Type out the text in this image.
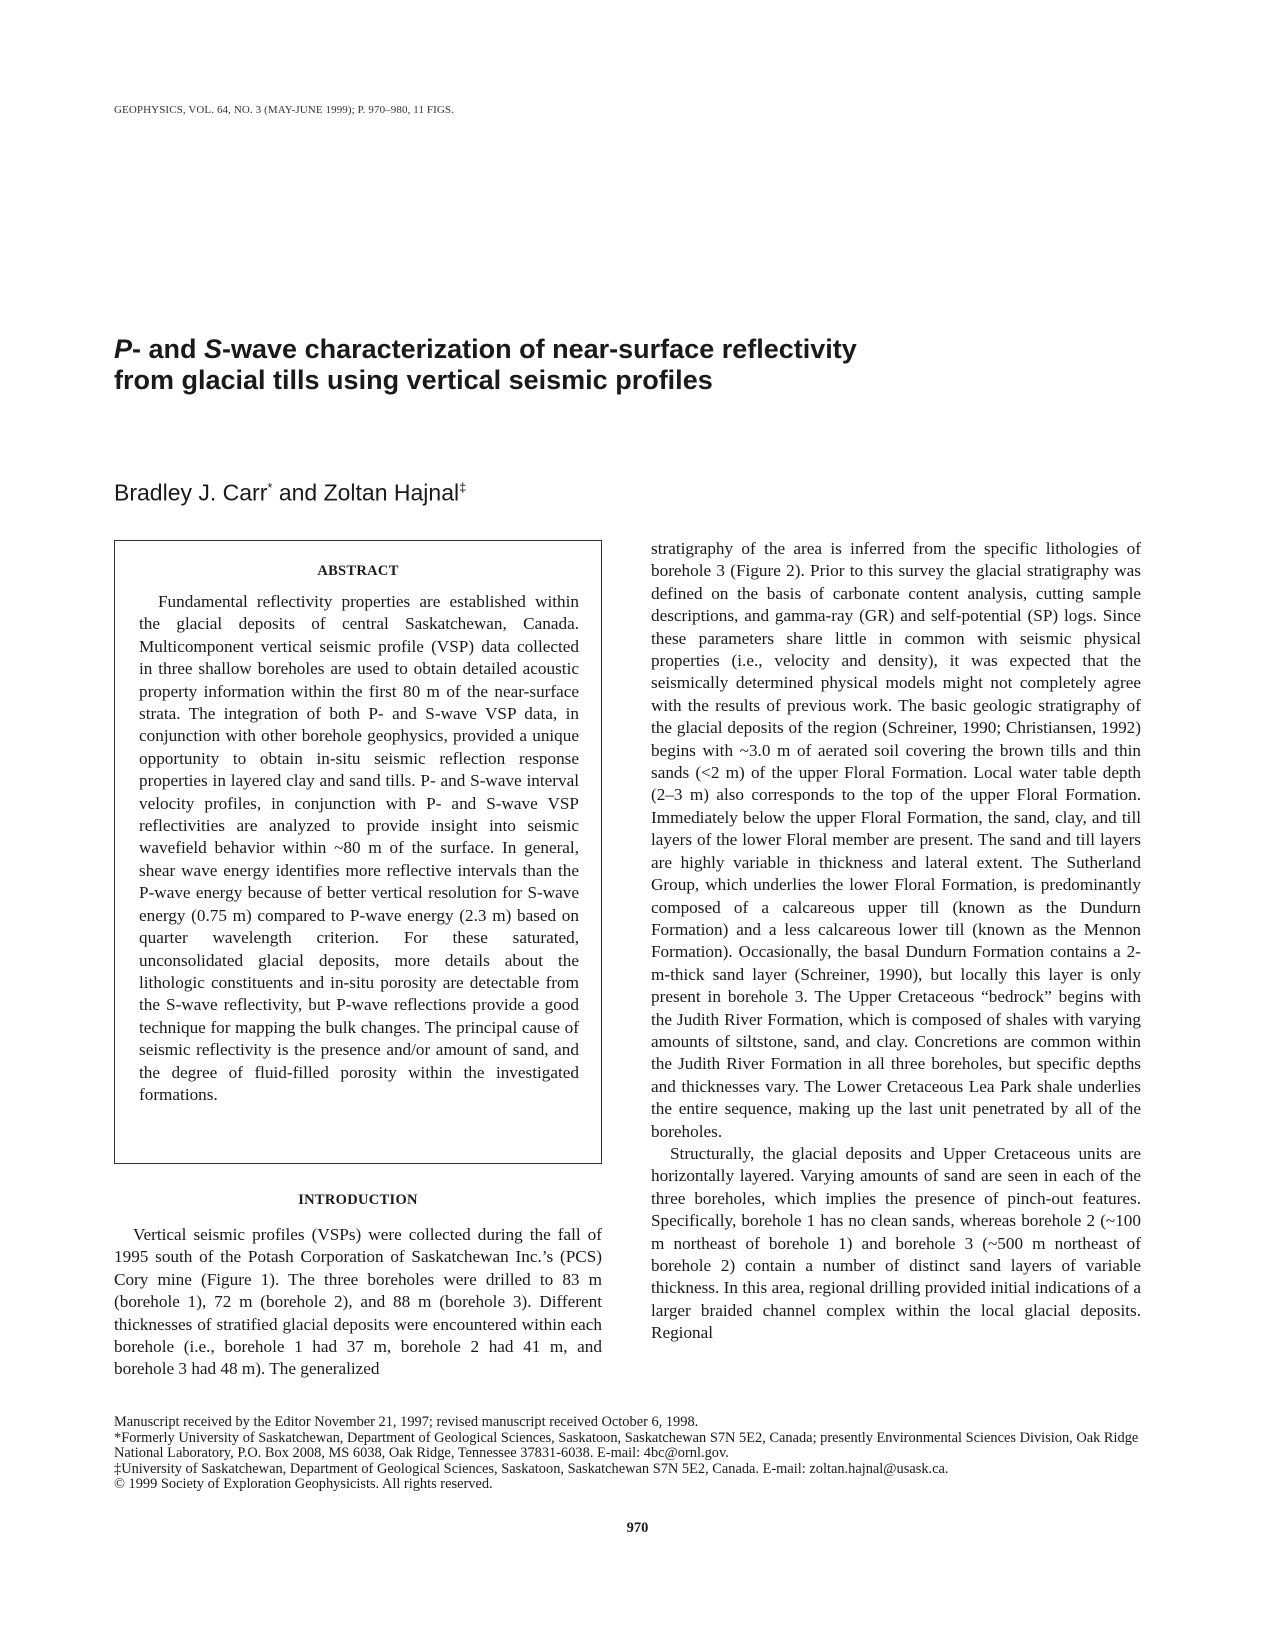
GEOPHYSICS, VOL. 64, NO. 3 (MAY-JUNE 1999); P. 970–980, 11 FIGS.
P- and S-wave characterization of near-surface reflectivity
from glacial tills using vertical seismic profiles
Bradley J. Carr* and Zoltan Hajnal‡
ABSTRACT

Fundamental reflectivity properties are established within the glacial deposits of central Saskatchewan, Canada. Multicomponent vertical seismic profile (VSP) data collected in three shallow boreholes are used to obtain detailed acoustic property information within the first 80 m of the near-surface strata. The integration of both P- and S-wave VSP data, in conjunction with other borehole geophysics, provided a unique opportunity to obtain in-situ seismic reflection response properties in layered clay and sand tills. P- and S-wave interval velocity profiles, in conjunction with P- and S-wave VSP reflectivities are analyzed to provide insight into seismic wavefield behavior within ~80 m of the surface. In general, shear wave energy identifies more reflective intervals than the P-wave energy because of better vertical resolution for S-wave energy (0.75 m) compared to P-wave energy (2.3 m) based on quarter wavelength criterion. For these saturated, unconsolidated glacial deposits, more details about the lithologic constituents and in-situ porosity are detectable from the S-wave reflectivity, but P-wave reflections provide a good technique for mapping the bulk changes. The principal cause of seismic reflectivity is the presence and/or amount of sand, and the degree of fluid-filled porosity within the investigated formations.

INTRODUCTION

Vertical seismic profiles (VSPs) were collected during the fall of 1995 south of the Potash Corporation of Saskatchewan Inc.’s (PCS) Cory mine (Figure 1). The three boreholes were drilled to 83 m (borehole 1), 72 m (borehole 2), and 88 m (borehole 3). Different thicknesses of stratified glacial deposits were encountered within each borehole (i.e., borehole 1 had 37 m, borehole 2 had 41 m, and borehole 3 had 48 m). The generalized

stratigraphy of the area is inferred from the specific lithologies of borehole 3 (Figure 2). Prior to this survey the glacial stratigraphy was defined on the basis of carbonate content analysis, cutting sample descriptions, and gamma-ray (GR) and self-potential (SP) logs. Since these parameters share little in common with seismic physical properties (i.e., velocity and density), it was expected that the seismically determined physical models might not completely agree with the results of previous work. The basic geologic stratigraphy of the glacial deposits of the region (Schreiner, 1990; Christiansen, 1992) begins with ~3.0 m of aerated soil covering the brown tills and thin sands (<2 m) of the upper Floral Formation. Local water table depth (2–3 m) also corresponds to the top of the upper Floral Formation. Immediately below the upper Floral Formation, the sand, clay, and till layers of the lower Floral member are present. The sand and till layers are highly variable in thickness and lateral extent. The Sutherland Group, which underlies the lower Floral Formation, is predominantly composed of a calcareous upper till (known as the Dundurn Formation) and a less calcareous lower till (known as the Mennon Formation). Occasionally, the basal Dundurn Formation contains a 2-m-thick sand layer (Schreiner, 1990), but locally this layer is only present in borehole 3. The Upper Cretaceous “bedrock” begins with the Judith River Formation, which is composed of shales with varying amounts of siltstone, sand, and clay. Concretions are common within the Judith River Formation in all three boreholes, but specific depths and thicknesses vary. The Lower Cretaceous Lea Park shale underlies the entire sequence, making up the last unit penetrated by all of the boreholes.

Structurally, the glacial deposits and Upper Cretaceous units are horizontally layered. Varying amounts of sand are seen in each of the three boreholes, which implies the presence of pinch-out features. Specifically, borehole 1 has no clean sands, whereas borehole 2 (~100 m northeast of borehole 1) and borehole 3 (~500 m northeast of borehole 2) contain a number of distinct sand layers of variable thickness. In this area, regional drilling provided initial indications of a larger braided channel complex within the local glacial deposits. Regional

Manuscript received by the Editor November 21, 1997; revised manuscript received October 6, 1998.
*Formerly University of Saskatchewan, Department of Geological Sciences, Saskatoon, Saskatchewan S7N 5E2, Canada; presently Environmental Sciences Division, Oak Ridge National Laboratory, P.O. Box 2008, MS 6038, Oak Ridge, Tennessee 37831-6038. E-mail: 4bc@ornl.gov.
‡University of Saskatchewan, Department of Geological Sciences, Saskatoon, Saskatchewan S7N 5E2, Canada. E-mail: zoltan.hajnal@usask.ca.
© 1999 Society of Exploration Geophysicists. All rights reserved.
970
